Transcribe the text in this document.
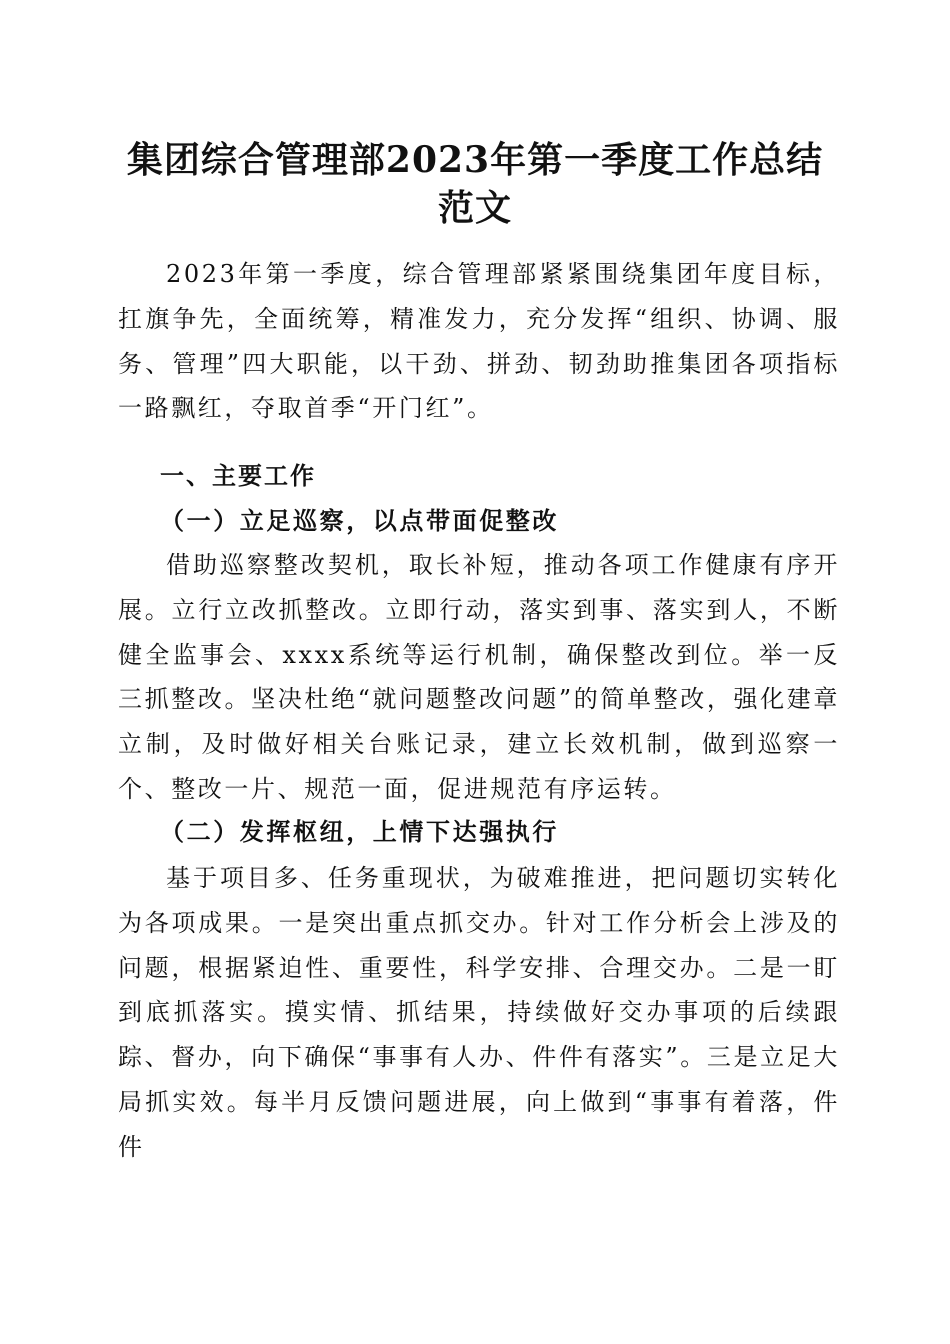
集团综合管理部2023年第一季度工作总结范文

2023年第一季度，综合管理部紧紧围绕集团年度目标，扛旗争先，全面统筹，精准发力，充分发挥“组织、协调、服务、管理”四大职能，以干劲、拼劲、韧劲助推集团各项指标一路飘红，夺取首季“开门红”。

一、主要工作
（一）立足巡察，以点带面促整改

借助巡察整改契机，取长补短，推动各项工作健康有序开展。立行立改抓整改。立即行动，落实到事、落实到人，不断健全监事会、xxxx系统等运行机制，确保整改到位。举一反三抓整改。坚决杜绝“就问题整改问题”的简单整改，强化建章立制，及时做好相关台账记录，建立长效机制，做到巡察一个、整改一片、规范一面，促进规范有序运转。

（二）发挥枢纽，上情下达强执行

基于项目多、任务重现状，为破难推进，把问题切实转化为各项成果。一是突出重点抓交办。针对工作分析会上涉及的问题，根据紧迫性、重要性，科学安排、合理交办。二是一盯到底抓落实。摸实情、抓结果，持续做好交办事项的后续跟踪、督办，向下确保“事事有人办、件件有落实”。三是立足大局抓实效。每半月反馈问题进展，向上做到“事事有着落，件件
